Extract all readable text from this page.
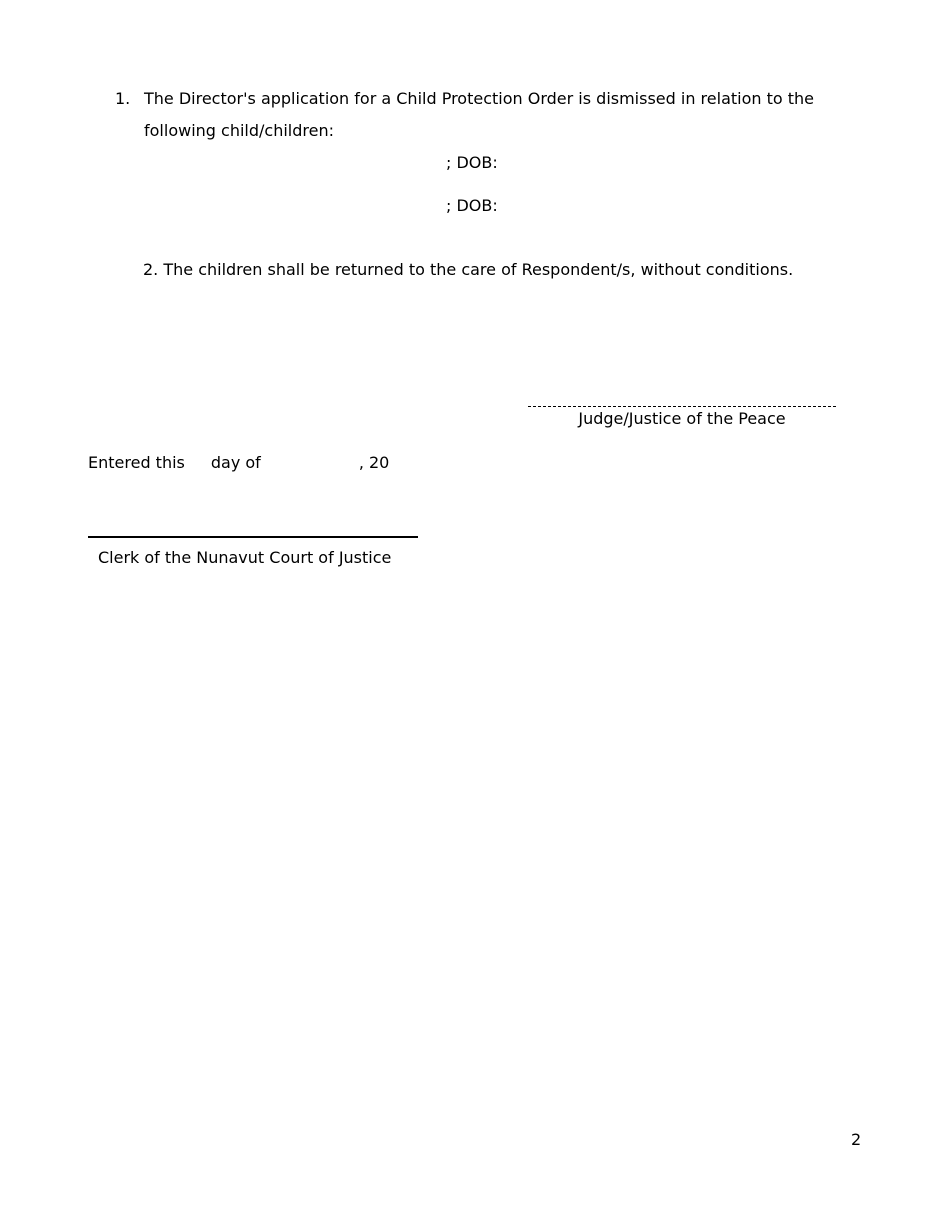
1. The Director's application for a Child Protection Order is dismissed in relation to the
following child/children:
; DOB:
; DOB:
2. The children shall be returned to the care of Respondent/s, without conditions.
Judge/Justice of the Peace
Entered this day of	, 20
Clerk of the Nunavut Court of Justice
2
